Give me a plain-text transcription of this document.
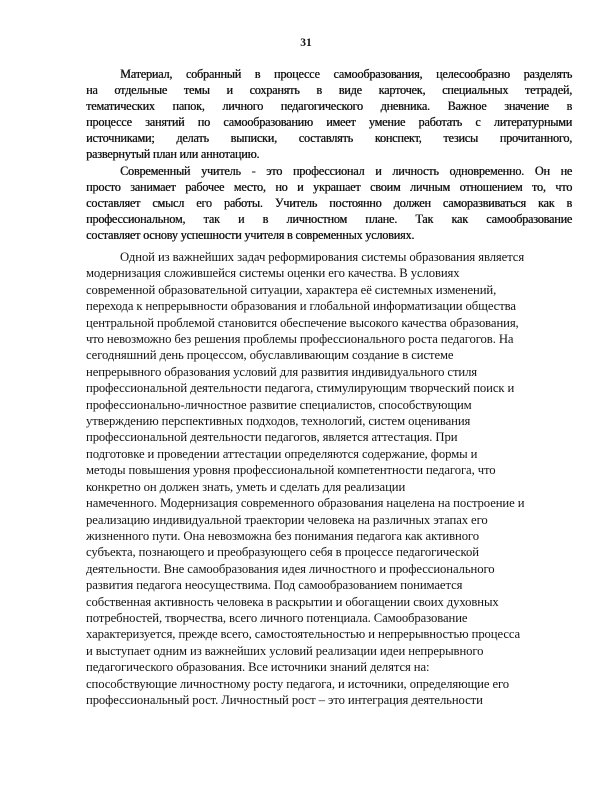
31
Материал, собранный в процессе самообразования, целесообразно разделять
на отдельные темы и сохранять в виде карточек, специальных тетрадей,
тематических папок, личного педагогического дневника. Важное значение в
процессе занятий по самообразованию имеет умение работать с литературными
источниками; делать выписки, составлять конспект, тезисы прочитанного,
развернутый план или аннотацию.
Современный учитель - это профессионал и личность одновременно. Он не
просто занимает рабочее место, но и украшает своим личным отношением то, что
составляет смысл его работы. Учитель постоянно должен саморазвиваться как в
профессиональном, так и в личностном плане. Так как самообразование
составляет основу успешности учителя в современных условиях.
Одной из важнейших задач реформирования системы образования является
модернизация сложившейся системы оценки его качества. В условиях
современной образовательной ситуации, характера её системных изменений,
перехода к непрерывности образования и глобальной информатизации общества
центральной проблемой становится обеспечение высокого качества образования,
что невозможно без решения проблемы профессионального роста педагогов. На
сегодняшний день процессом, обуславливающим создание в системе
непрерывного образования условий для развития индивидуального стиля
профессиональной деятельности педагога, стимулирующим творческий поиск и
профессионально-личностное развитие специалистов, способствующим
утверждению перспективных подходов, технологий, систем оценивания
профессиональной деятельности педагогов, является аттестация. При
подготовке и проведении аттестации определяются содержание, формы и
методы повышения уровня профессиональной компетентности педагога, что
конкретно он должен знать, уметь и сделать для реализации
намеченного. Модернизация современного образования нацелена на построение и
реализацию индивидуальной траектории человека на различных этапах его
жизненного пути. Она невозможна без понимания педагога как активного
субъекта, познающего и преобразующего себя в процессе педагогической
деятельности. Вне самообразования идея личностного и профессионального
развития педагога неосуществима. Под самообразованием понимается
собственная активность человека в раскрытии и обогащении своих духовных
потребностей, творчества, всего личного потенциала. Самообразование
характеризуется, прежде всего, самостоятельностью и непрерывностью процесса
и выступает одним из важнейших условий реализации идеи непрерывного
педагогического образования. Все источники знаний делятся на:
способствующие личностному росту педагога, и источники, определяющие его
профессиональный рост. Личностный рост – это интеграция деятельности
